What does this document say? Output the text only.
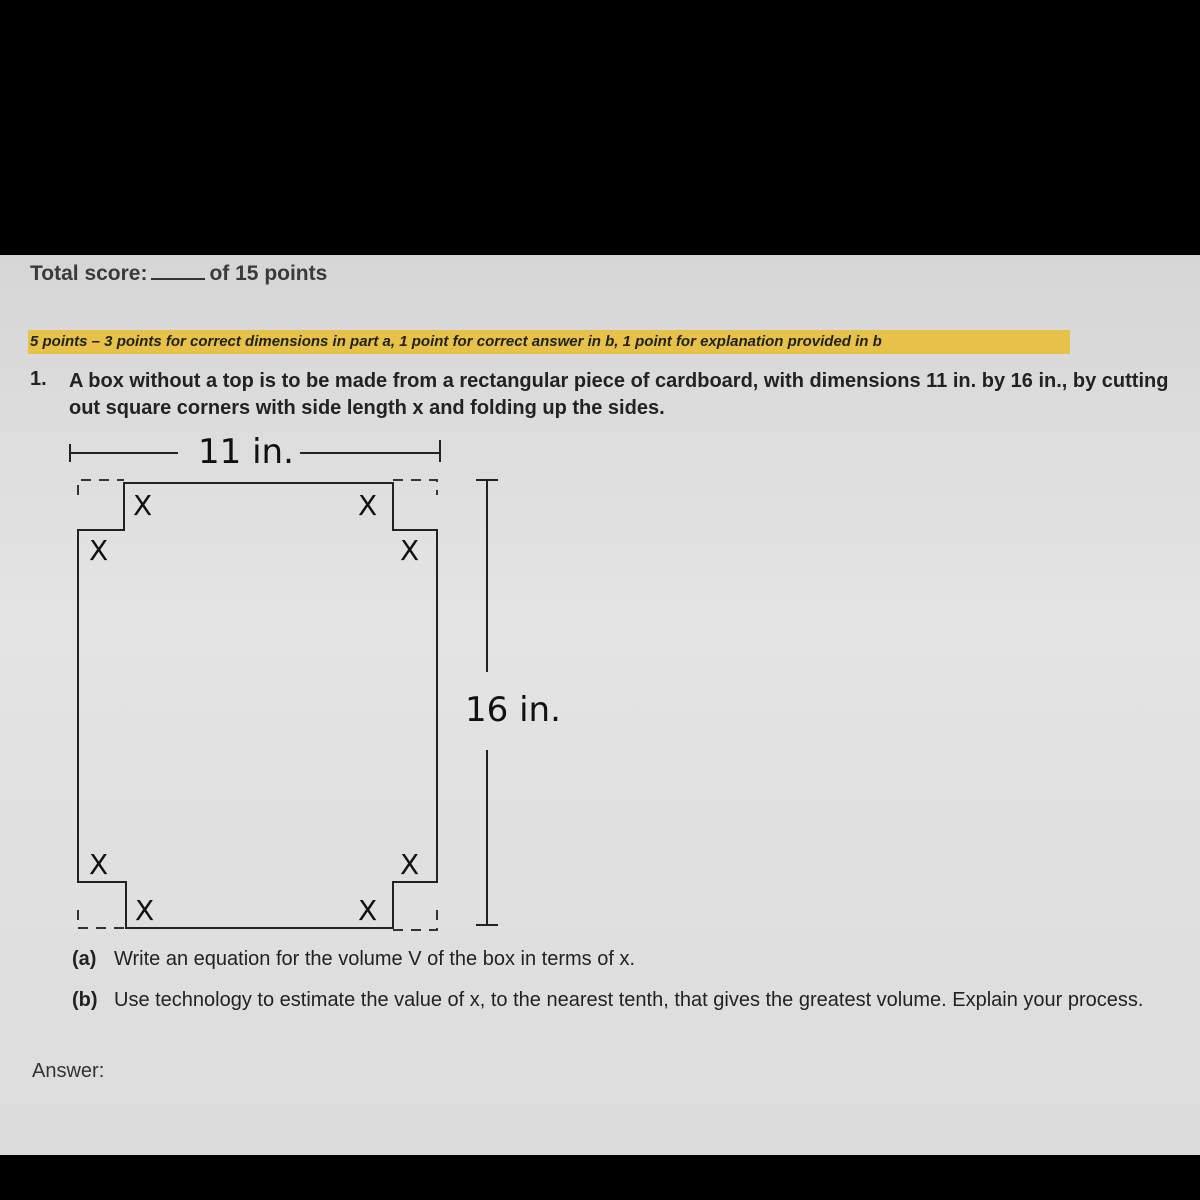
Total score:	of 15 points
5 points – 3 points for correct dimensions in part a, 1 point for correct answer in b, 1 point for explanation provided in b
1. A box without a top is to be made from a rectangular piece of cardboard, with dimensions 11 in. by 16 in., by cutting out square corners with side length x and folding up the sides.
11 in.
16 in.
X
X
X
X
X
X
X
X
(a) Write an equation for the volume V of the box in terms of x.
(b) Use technology to estimate the value of x, to the nearest tenth, that gives the greatest volume. Explain your process.
Answer:
